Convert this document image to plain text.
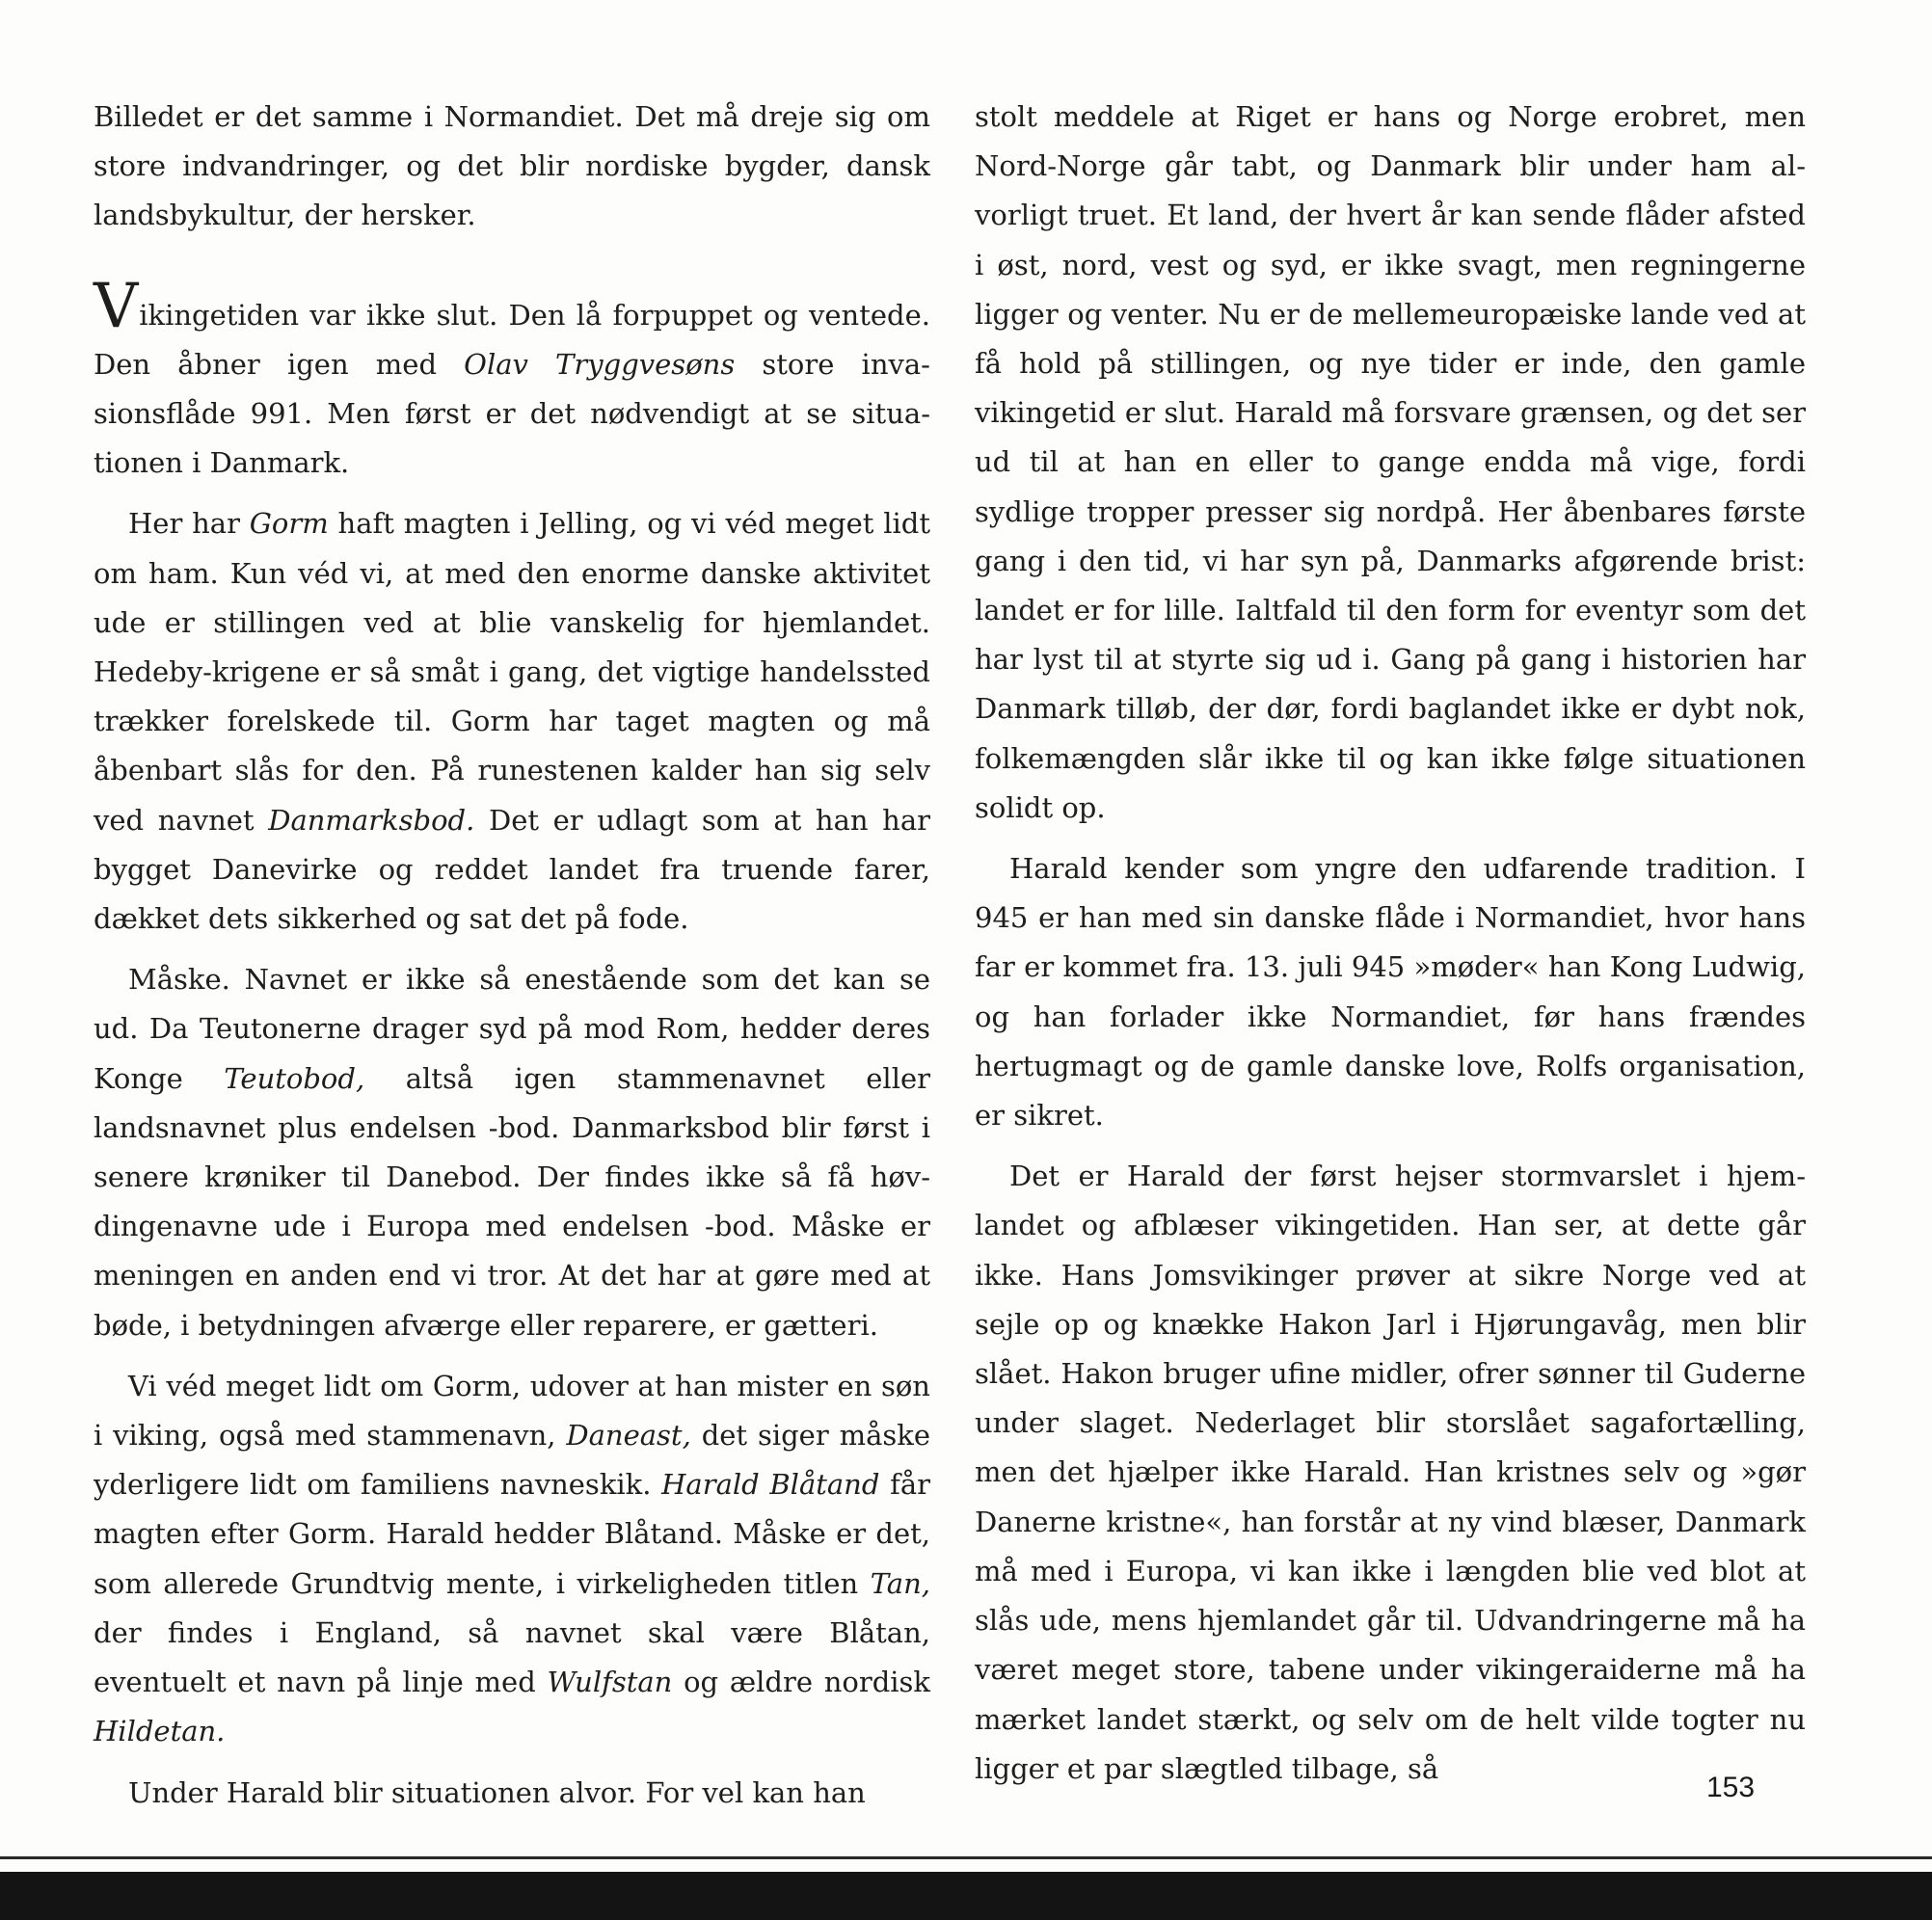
Billedet er det samme i Normandiet. Det må dreje sig om store indvandringer, og det blir nordiske bygder, dansk landsbykultur, der hersker.

Vikingetiden var ikke slut. Den lå forpuppet og ventede. Den åbner igen med Olav Tryggvesøns store invasionsflåde 991. Men først er det nødvendigt at se situationen i Danmark.

Her har Gorm haft magten i Jelling, og vi véd meget lidt om ham. Kun véd vi, at med den enorme danske aktivitet ude er stillingen ved at blie vanskelig for hjemlandet. Hedeby-krigene er så småt i gang, det vigtige handelssted trækker forelskede til. Gorm har taget magten og må åbenbart slås for den. På runestenen kalder han sig selv ved navnet Danmarksbod. Det er udlagt som at han har bygget Danevirke og reddet landet fra truende farer, dækket dets sikkerhed og sat det på fode.

Måske. Navnet er ikke så enestående som det kan se ud. Da Teutonerne drager syd på mod Rom, hedder deres Konge Teutobod, altså igen stammenavnet eller landsnavnet plus endelsen -bod. Danmarksbod blir først i senere krøniker til Danebod. Der findes ikke så få høvdingenavne ude i Europa med endelsen -bod. Måske er meningen en anden end vi tror. At det har at gøre med at bøde, i betydningen afværge eller reparere, er gætteri.

Vi véd meget lidt om Gorm, udover at han mister en søn i viking, også med stammenavn, Daneast, det siger måske yderligere lidt om familiens navneskik. Harald Blåtand får magten efter Gorm. Harald hedder Blåtand. Måske er det, som allerede Grundtvig mente, i virkeligheden titlen Tan, der findes i England, så navnet skal være Blåtan, eventuelt et navn på linje med Wulfstan og ældre nordisk Hildetan.

Under Harald blir situationen alvor. For vel kan han

stolt meddele at Riget er hans og Norge erobret, men Nord-Norge går tabt, og Danmark blir under ham alvorligt truet. Et land, der hvert år kan sende flåder afsted i øst, nord, vest og syd, er ikke svagt, men regningerne ligger og venter. Nu er de mellemeuropæiske lande ved at få hold på stillingen, og nye tider er inde, den gamle vikingetid er slut. Harald må forsvare grænsen, og det ser ud til at han en eller to gange endda må vige, fordi sydlige tropper presser sig nordpå. Her åbenbares første gang i den tid, vi har syn på, Danmarks afgørende brist: landet er for lille. Ialtfald til den form for eventyr som det har lyst til at styrte sig ud i. Gang på gang i historien har Danmark tilløb, der dør, fordi baglandet ikke er dybt nok, folkemængden slår ikke til og kan ikke følge situationen solidt op.

Harald kender som yngre den udfarende tradition. I 945 er han med sin danske flåde i Normandiet, hvor hans far er kommet fra. 13. juli 945 »møder« han Kong Ludwig, og han forlader ikke Normandiet, før hans frændes hertugmagt og de gamle danske love, Rolfs organisation, er sikret.

Det er Harald der først hejser stormvarslet i hjemlandet og afblæser vikingetiden. Han ser, at dette går ikke. Hans Jomsvikinger prøver at sikre Norge ved at sejle op og knække Hakon Jarl i Hjørungavåg, men blir slået. Hakon bruger ufine midler, ofrer sønner til Guderne under slaget. Nederlaget blir storslået sagafortælling, men det hjælper ikke Harald. Han kristnes selv og »gør Danerne kristne«, han forstår at ny vind blæser, Danmark må med i Europa, vi kan ikke i længden blie ved blot at slås ude, mens hjemlandet går til. Udvandringerne må ha været meget store, tabene under vikingeraiderne må ha mærket landet stærkt, og selv om de helt vilde togter nu ligger et par slægtled tilbage, så

153
